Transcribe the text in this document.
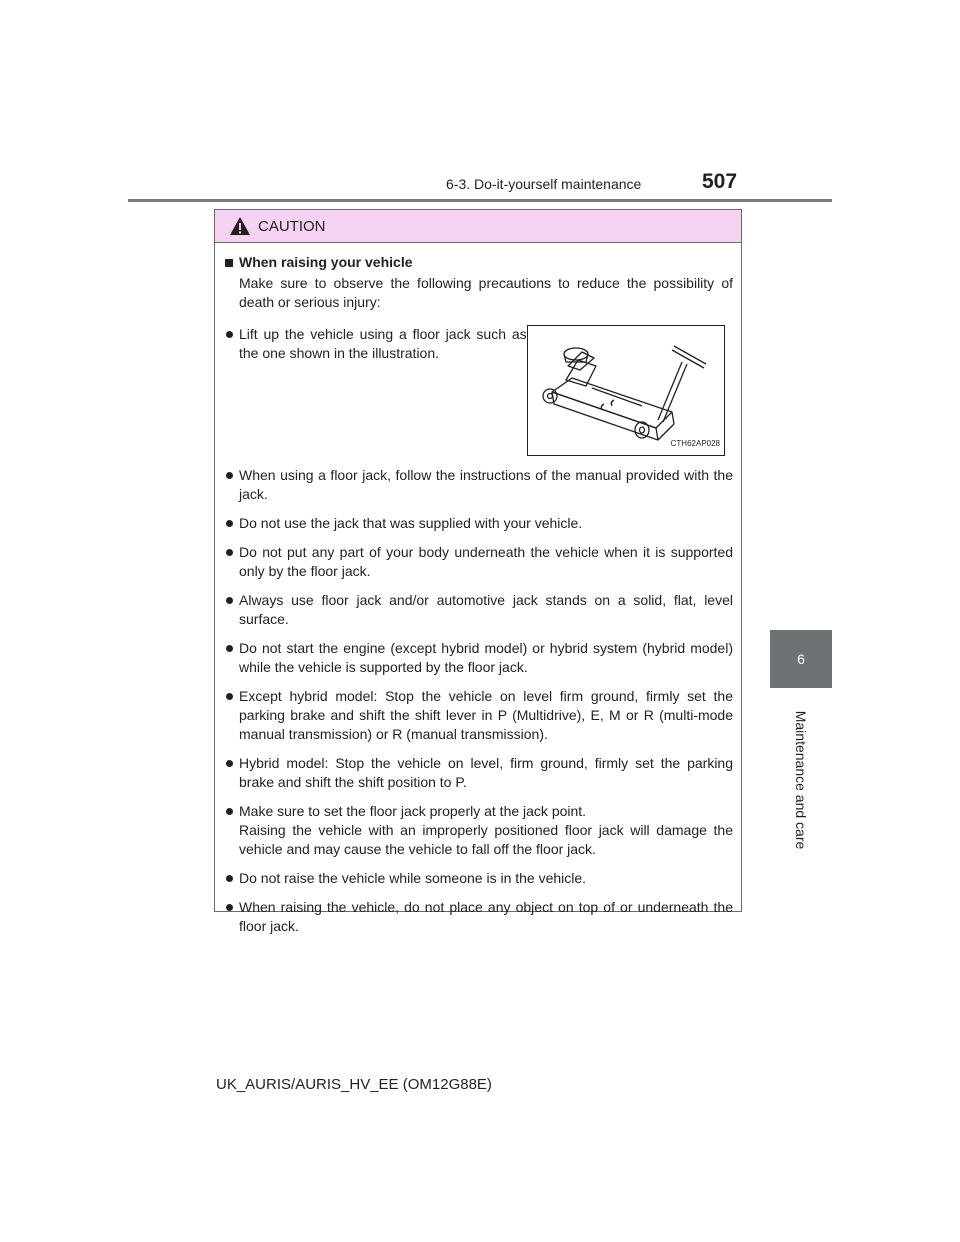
6-3. Do-it-yourself maintenance	507
6
Maintenance and care
CAUTION
When raising your vehicle
Make sure to observe the following precautions to reduce the possibility of death or serious injury:
Lift up the vehicle using a floor jack such as the one shown in the illustration.
CTH62AP028
When using a floor jack, follow the instructions of the manual provided with the jack.
Do not use the jack that was supplied with your vehicle.
Do not put any part of your body underneath the vehicle when it is supported only by the floor jack.
Always use floor jack and/or automotive jack stands on a solid, flat, level surface.
Do not start the engine (except hybrid model) or hybrid system (hybrid model) while the vehicle is supported by the floor jack.
Except hybrid model: Stop the vehicle on level firm ground, firmly set the parking brake and shift the shift lever in P (Multidrive), E, M or R (multi-mode manual transmission) or R (manual transmission).
Hybrid model: Stop the vehicle on level, firm ground, firmly set the parking brake and shift the shift position to P.
Make sure to set the floor jack properly at the jack point.
Raising the vehicle with an improperly positioned floor jack will damage the vehicle and may cause the vehicle to fall off the floor jack.
Do not raise the vehicle while someone is in the vehicle.
When raising the vehicle, do not place any object on top of or underneath the floor jack.
UK_AURIS/AURIS_HV_EE (OM12G88E)
